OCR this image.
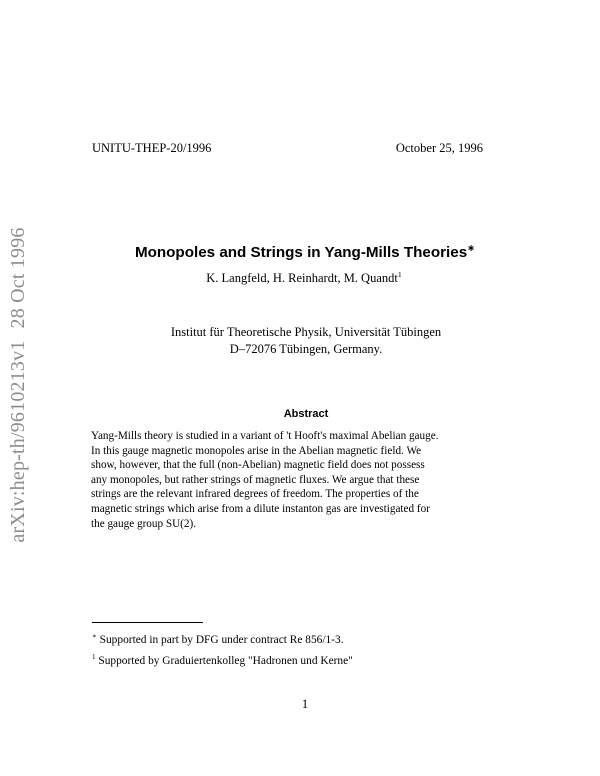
arXiv:hep-th/9610213v128 Oct 1996
UNITU-THEP-20/1996	October 25, 1996
Monopoles and Strings in Yang-Mills Theories∗
K. Langfeld, H. Reinhardt, M. Quandt$^1$
Institut für Theoretische Physik, Universität Tübingen
D–72076 Tübingen, Germany.
Abstract
Yang-Mills theory is studied in a variant of 't Hooft's maximal Abelian gauge.
In this gauge magnetic monopoles arise in the Abelian magnetic field. We
show, however, that the full (non-Abelian) magnetic field does not possess
any monopoles, but rather strings of magnetic fluxes. We argue that these
strings are the relevant infrared degrees of freedom. The properties of the
magnetic strings which arise from a dilute instanton gas are investigated for
the gauge group SU(2).
∗ Supported in part by DFG under contract Re 856/1-3.
$^1$ Supported by Graduiertenkolleg "Hadronen und Kerne"
1
